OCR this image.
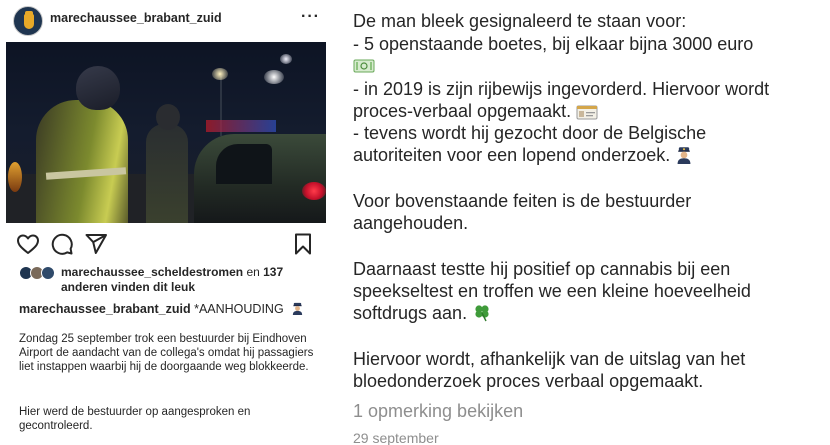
marechaussee_brabant_zuid	···
marechaussee_scheldestromen en 137
anderen vinden dit leuk
marechaussee_brabant_zuid *AANHOUDING
Zondag 25 september trok een bestuurder bij Eindhoven Airport de aandacht van de collega's omdat hij passagiers liet instappen waarbij hij de doorgaande weg blokkeerde.
Hier werd de bestuurder op aangesproken en gecontroleerd.
De man bleek gesignaleerd te staan voor:
- 5 openstaande boetes, bij elkaar bijna 3000 euro
- in 2019 is zijn rijbewijs ingevorderd. Hiervoor wordt
proces-verbaal opgemaakt.
- tevens wordt hij gezocht door de Belgische
autoriteiten voor een lopend onderzoek.
Voor bovenstaande feiten is de bestuurder
aangehouden.
Daarnaast testte hij positief op cannabis bij een
speekseltest en troffen we een kleine hoeveelheid
softdrugs aan.
Hiervoor wordt, afhankelijk van de uitslag van het
bloedonderzoek proces verbaal opgemaakt.
1 opmerking bekijken
29 september
